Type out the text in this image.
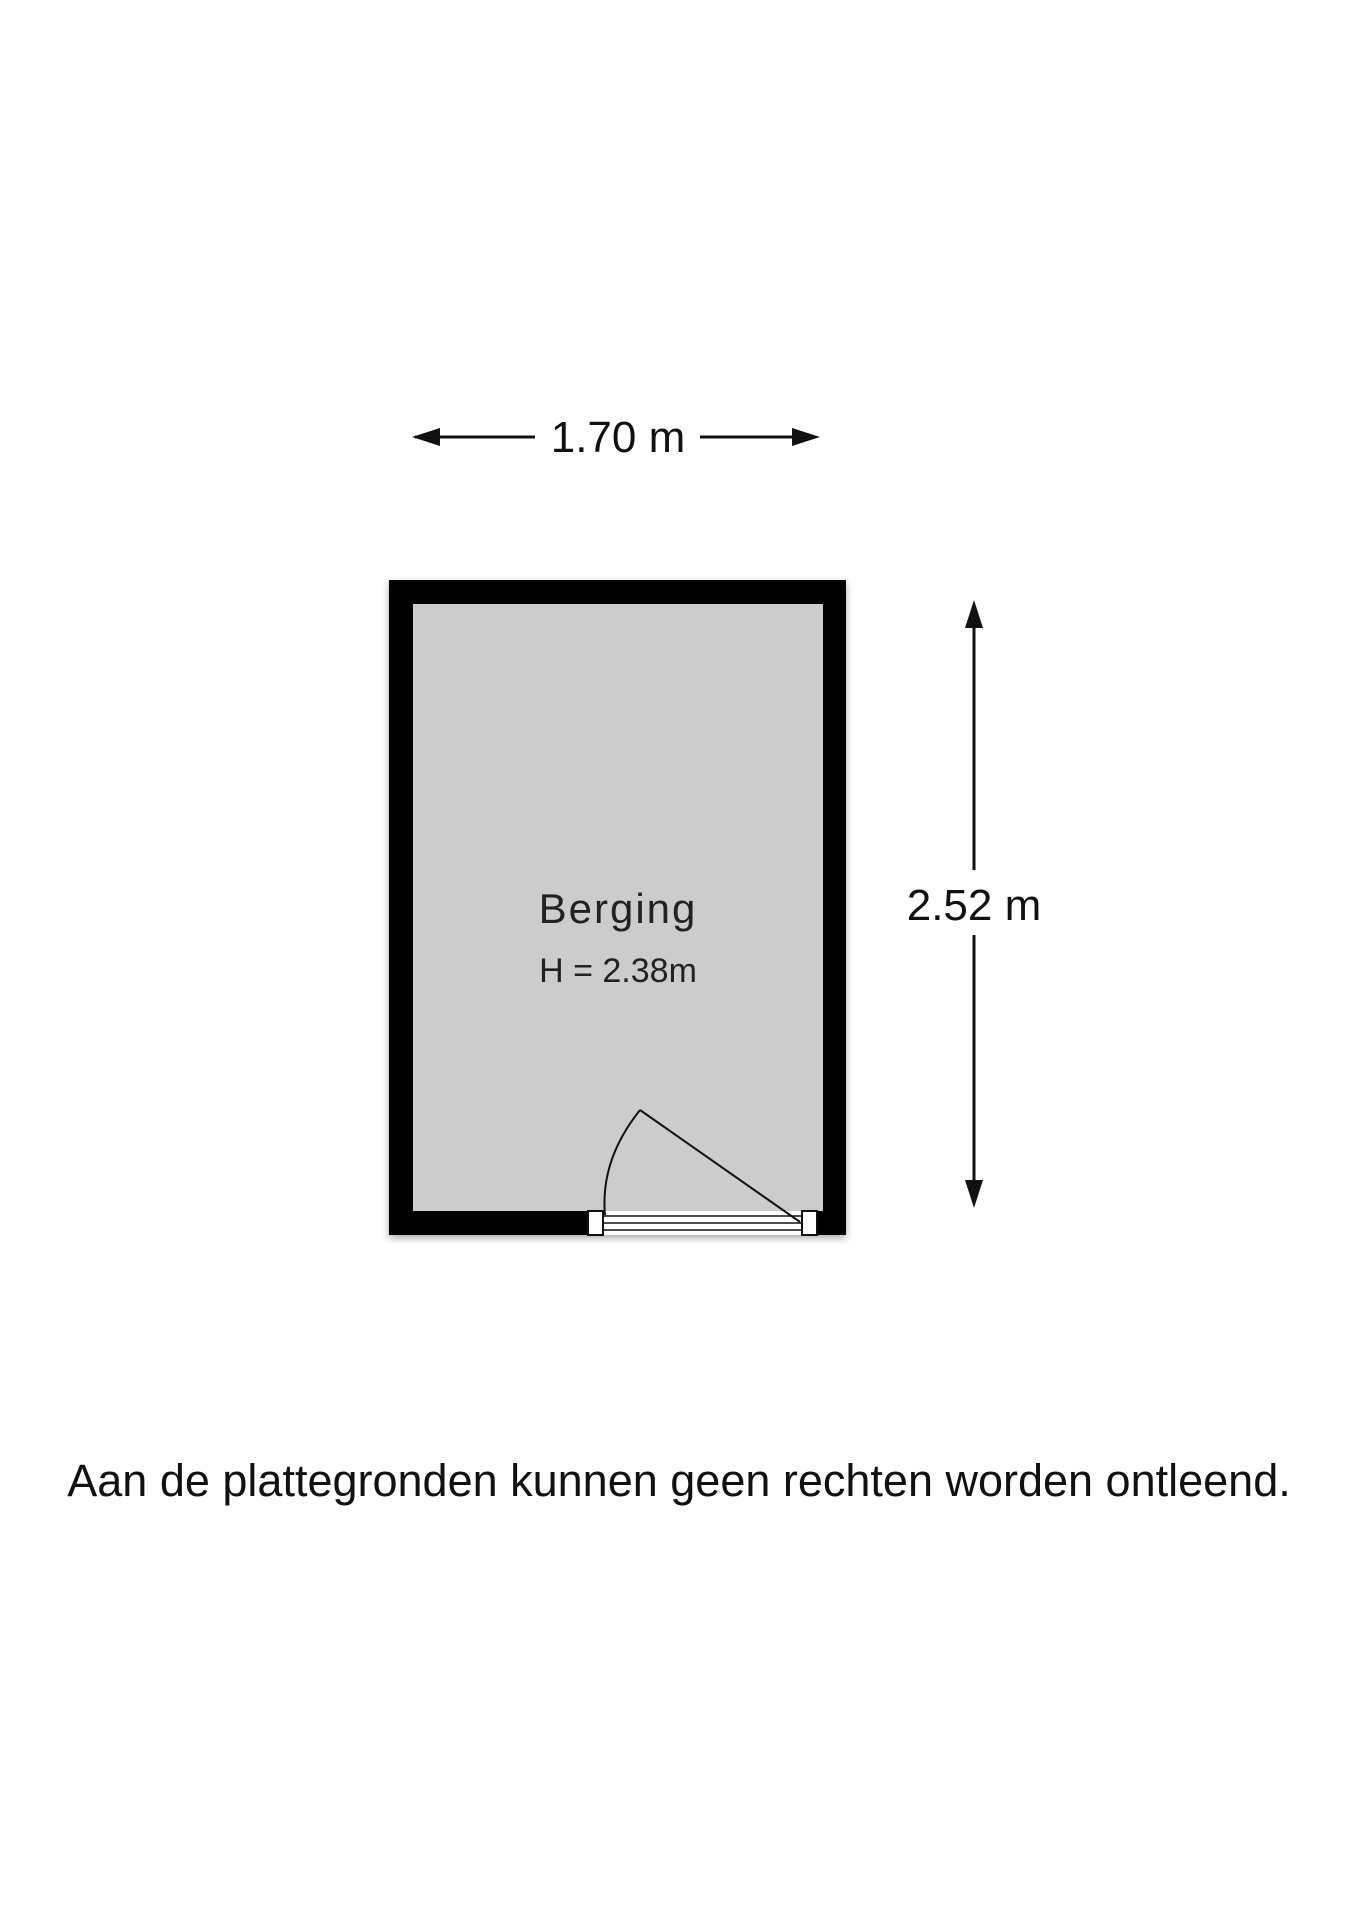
1.70 m
Berging
H = 2.38m
2.52 m
Aan de plattegronden kunnen geen rechten worden ontleend.
